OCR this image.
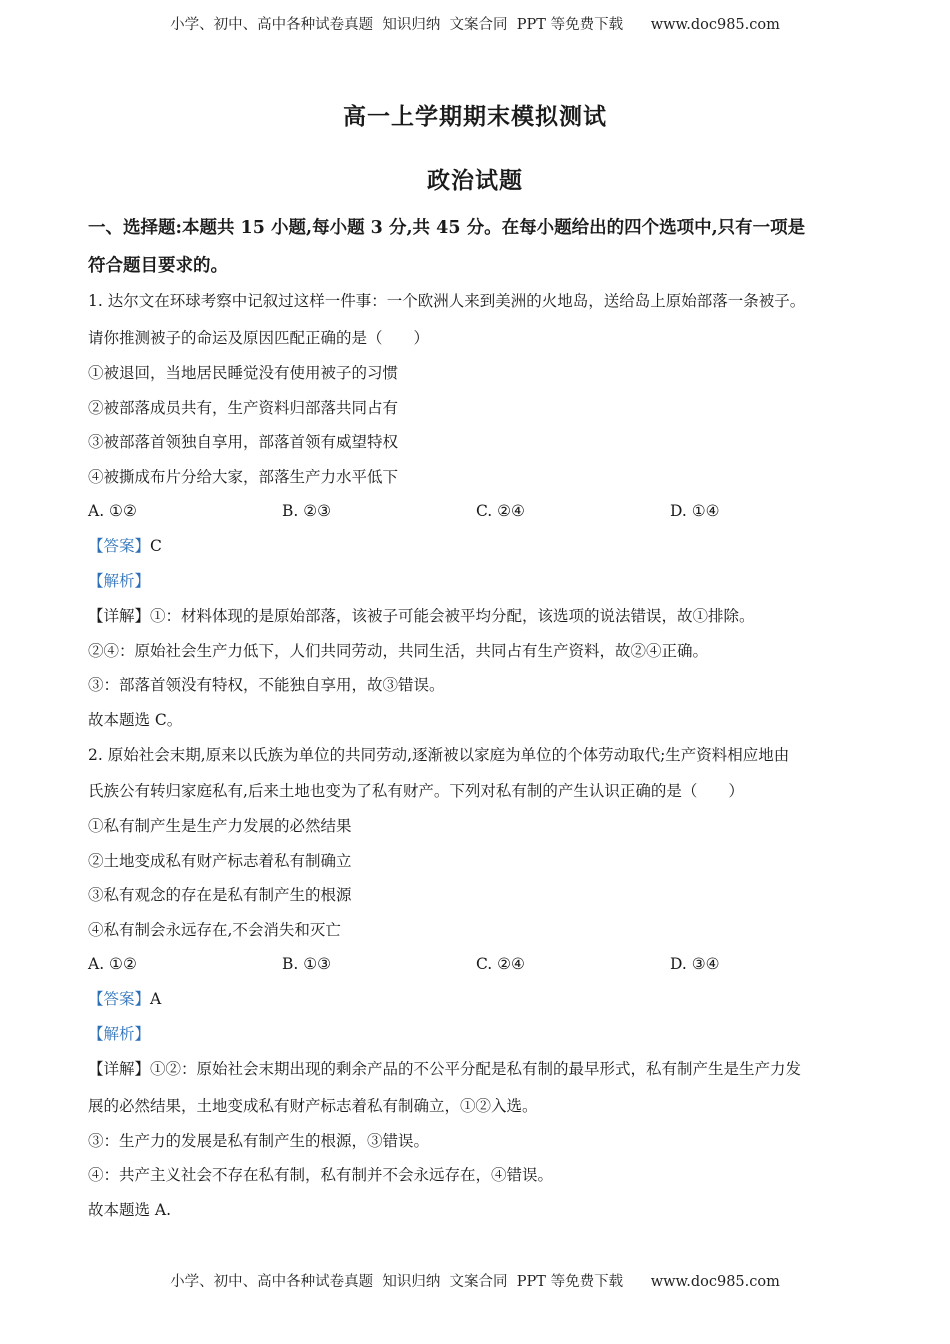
小学、初中、高中各种试卷真题  知识归纳  文案合同  PPT 等免费下载      www.doc985.com
高一上学期期末模拟测试
政治试题
一、选择题:本题共 15 小题,每小题 3 分,共 45 分。在每小题给出的四个选项中,只有一项是
符合题目要求的。
1. 达尔文在环球考察中记叙过这样一件事：一个欧洲人来到美洲的火地岛，送给岛上原始部落一条被子。
请你推测被子的命运及原因匹配正确的是（　　）
①被退回，当地居民睡觉没有使用被子的习惯
②被部落成员共有，生产资料归部落共同占有
③被部落首领独自享用，部落首领有威望特权
④被撕成布片分给大家，部落生产力水平低下
A. ①②	B. ②③	C. ②④	D. ①④
【答案】C
【解析】
【详解】①：材料体现的是原始部落，该被子可能会被平均分配，该选项的说法错误，故①排除。
②④：原始社会生产力低下，人们共同劳动，共同生活，共同占有生产资料，故②④正确。
③：部落首领没有特权，不能独自享用，故③错误。
故本题选 C。
2. 原始社会末期,原来以氏族为单位的共同劳动,逐渐被以家庭为单位的个体劳动取代;生产资料相应地由
氏族公有转归家庭私有,后来土地也变为了私有财产。下列对私有制的产生认识正确的是（　　）
①私有制产生是生产力发展的必然结果
②土地变成私有财产标志着私有制确立
③私有观念的存在是私有制产生的根源
④私有制会永远存在,不会消失和灭亡
A. ①②	B. ①③	C. ②④	D. ③④
【答案】A
【解析】
【详解】①②：原始社会末期出现的剩余产品的不公平分配是私有制的最早形式，私有制产生是生产力发
展的必然结果，土地变成私有财产标志着私有制确立，①②入选。
③：生产力的发展是私有制产生的根源，③错误。
④：共产主义社会不存在私有制，私有制并不会永远存在，④错误。
故本题选 A.
小学、初中、高中各种试卷真题  知识归纳  文案合同  PPT 等免费下载      www.doc985.com
